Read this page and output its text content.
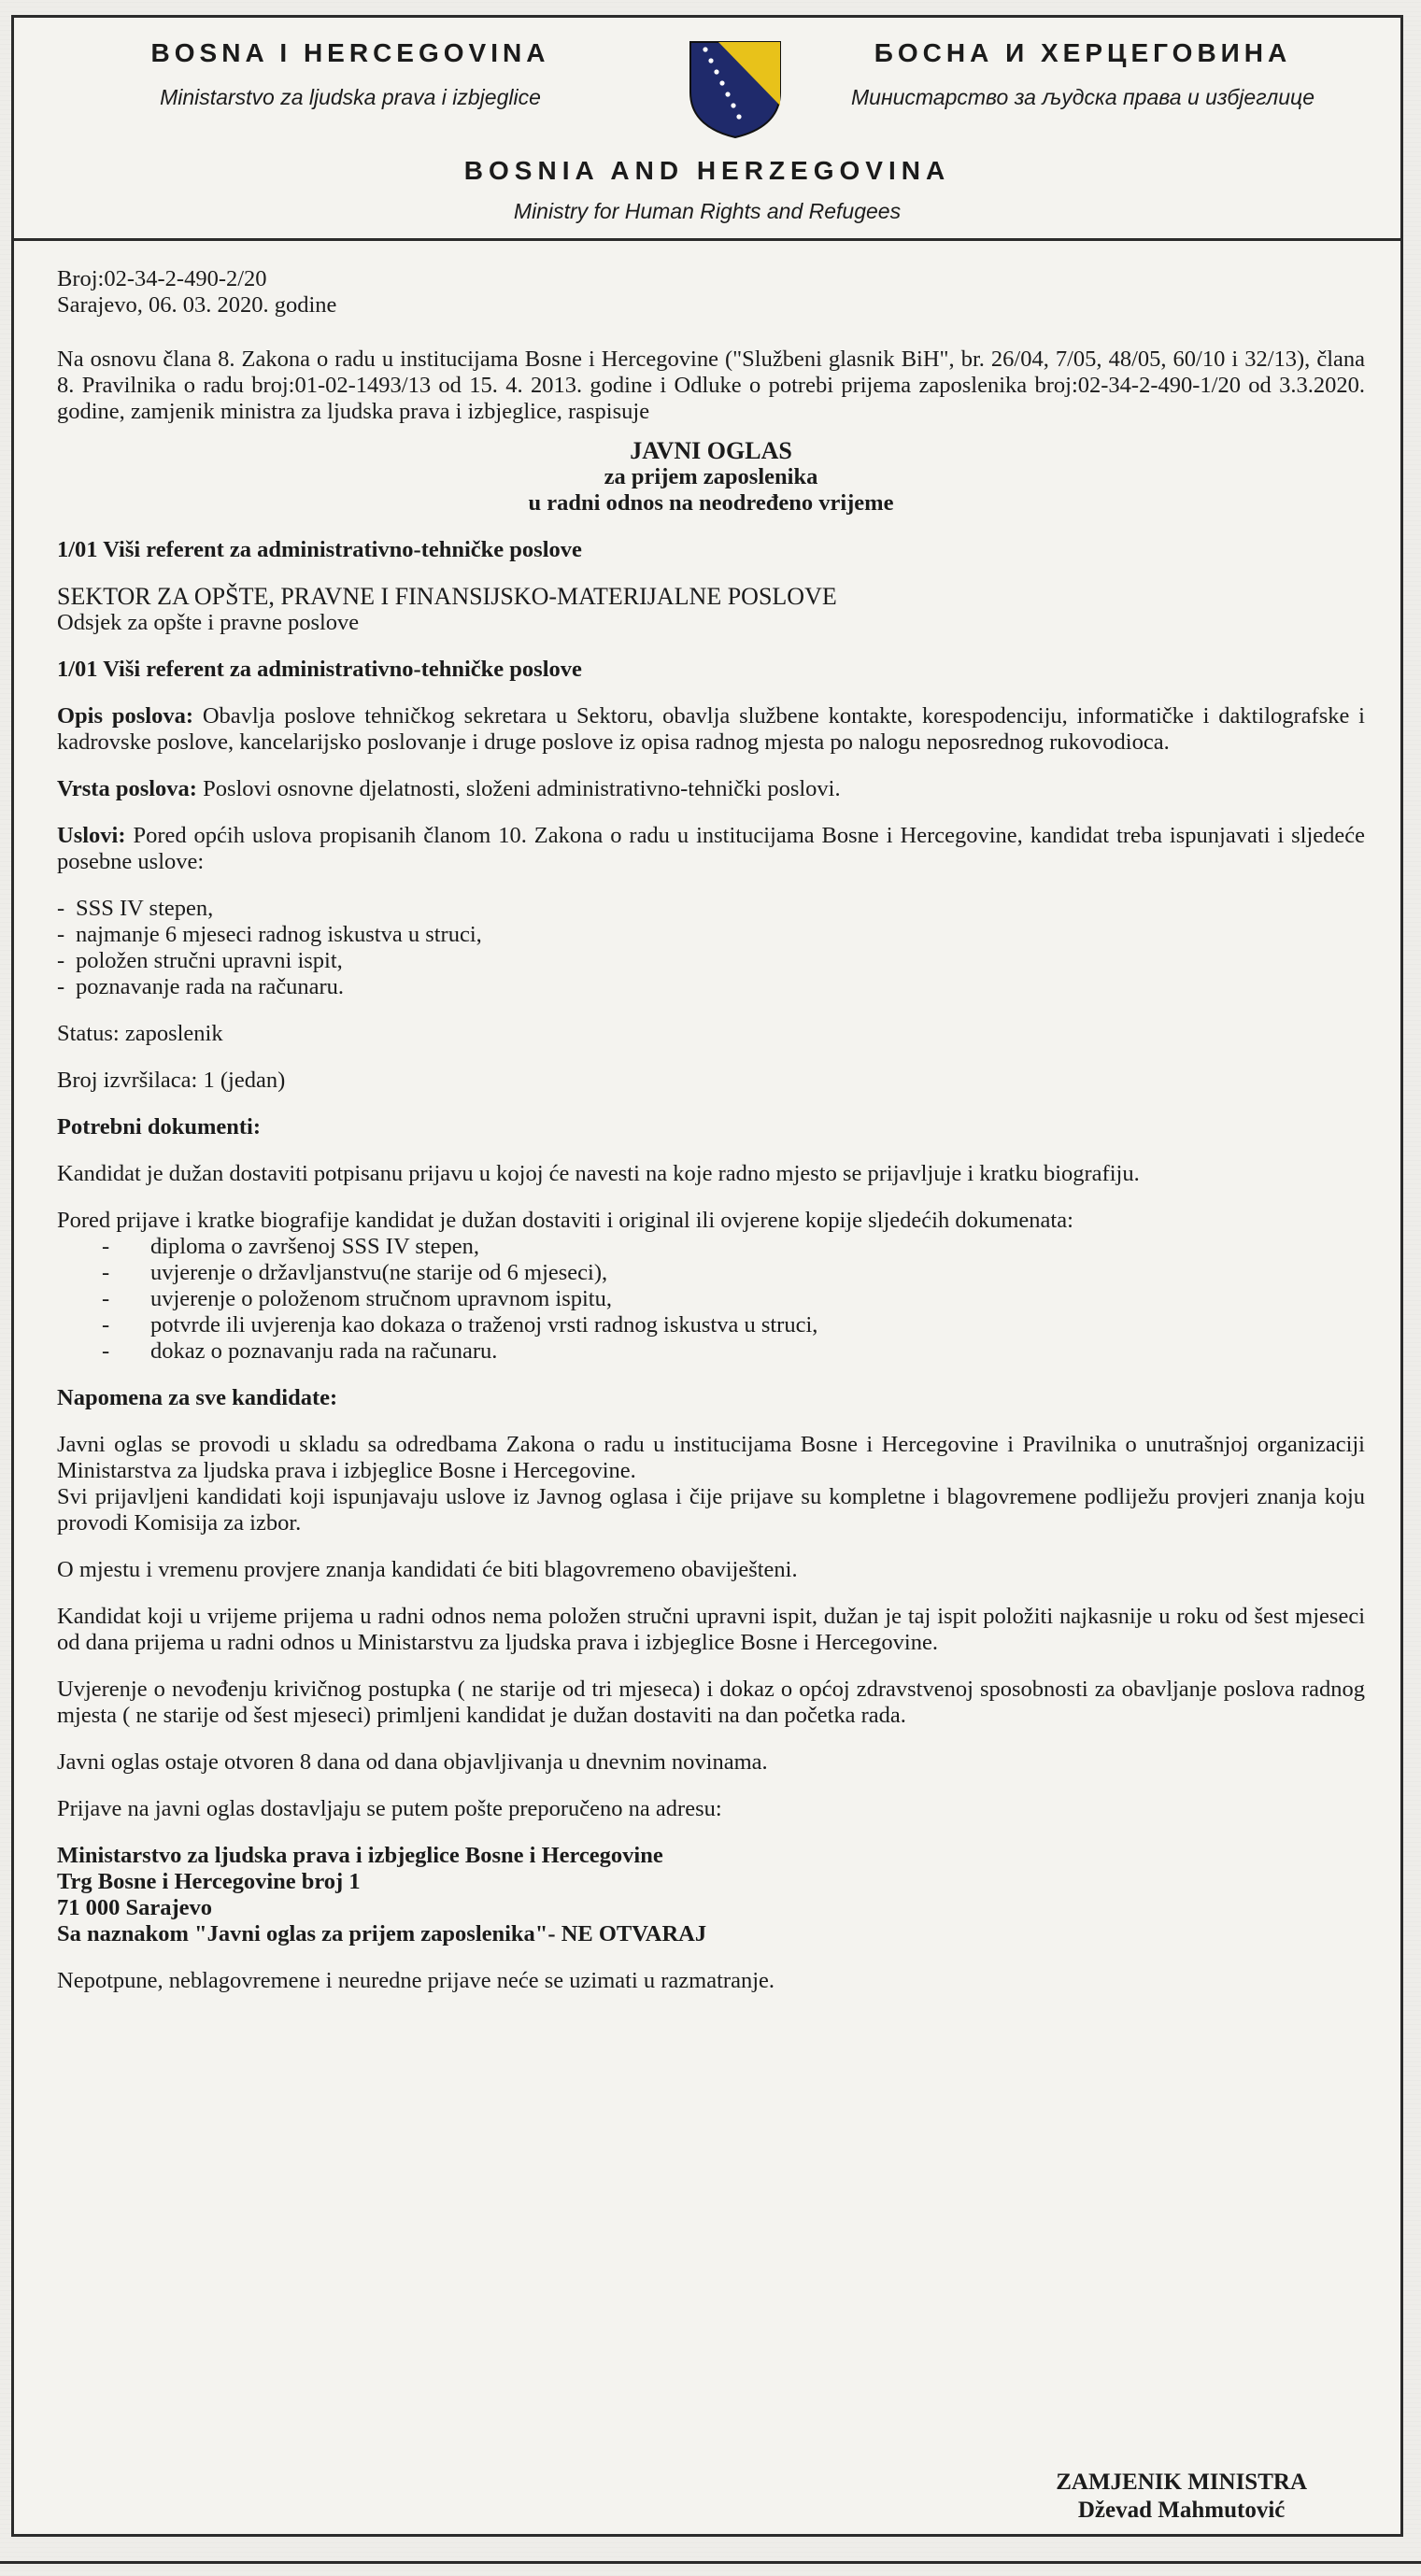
BOSNA I HERCEGOVINA
Ministarstvo za ljudska prava i izbjeglice
БОСНА И ХЕРЦЕГОВИНА
Министарство за људска права и избјеглице
BOSNIA AND HERZEGOVINA
Ministry for Human Rights and Refugees

Broj:02-34-2-490-2/20

Sarajevo, 06. 03. 2020. godine

Na osnovu člana 8. Zakona o radu u institucijama Bosne i Hercegovine ("Službeni glasnik BiH", br. 26/04, 7/05, 48/05, 60/10 i 32/13), člana 8. Pravilnika o radu broj:01-02-1493/13 od 15. 4. 2013. godine i Odluke o potrebi prijema zaposlenika broj:02-34-2-490-1/20 od 3.3.2020. godine, zamjenik ministra za ljudska prava i izbjeglice, raspisuje

JAVNI OGLAS

za prijem zaposlenika

u radni odnos na neodređeno vrijeme

1/01 Viši referent za administrativno-tehničke poslove

SEKTOR ZA OPŠTE, PRAVNE I FINANSIJSKO-MATERIJALNE POSLOVE

Odsjek za opšte i pravne poslove

1/01 Viši referent za administrativno-tehničke poslove

Opis poslova: Obavlja poslove tehničkog sekretara u Sektoru, obavlja službene kontakte, korespodenciju, informatičke i daktilografske i kadrovske poslove, kancelarijsko poslovanje i druge poslove iz opisa radnog mjesta po nalogu neposrednog rukovodioca.

Vrsta poslova: Poslovi osnovne djelatnosti, složeni administrativno-tehnički poslovi.

Uslovi: Pored općih uslova propisanih članom 10. Zakona o radu u institucijama Bosne i Hercegovine, kandidat treba ispunjavati i sljedeće posebne uslove:

- SSS IV stepen,
- najmanje 6 mjeseci radnog iskustva u struci,
- položen stručni upravni ispit,
- poznavanje rada na računaru.

Status: zaposlenik

Broj izvršilaca: 1 (jedan)

Potrebni dokumenti:

Kandidat je dužan dostaviti potpisanu prijavu u kojoj će navesti na koje radno mjesto se prijavljuje i kratku biografiju.

Pored prijave i kratke biografije kandidat je dužan dostaviti i original ili ovjerene kopije sljedećih dokumenata:

- diploma o završenoj SSS IV stepen,
- uvjerenje o državljanstvu(ne starije od 6 mjeseci),
- uvjerenje o položenom stručnom upravnom ispitu,
- potvrde ili uvjerenja kao dokaza o traženoj vrsti radnog iskustva u struci,
- dokaz o poznavanju rada na računaru.

Napomena za sve kandidate:

Javni oglas se provodi u skladu sa odredbama Zakona o radu u institucijama Bosne i Hercegovine i Pravilnika o unutrašnjoj organizaciji Ministarstva za ljudska prava i izbjeglice Bosne i Hercegovine.

Svi prijavljeni kandidati koji ispunjavaju uslove iz Javnog oglasa i čije prijave su kompletne i blagovremene podliježu provjeri znanja koju provodi Komisija za izbor.

O mjestu i vremenu provjere znanja kandidati će biti blagovremeno obaviješteni.

Kandidat koji u vrijeme prijema u radni odnos nema položen stručni upravni ispit, dužan je taj ispit položiti najkasnije u roku od šest mjeseci od dana prijema u radni odnos u Ministarstvu za ljudska prava i izbjeglice Bosne i Hercegovine.

Uvjerenje o nevođenju krivičnog postupka ( ne starije od tri mjeseca) i dokaz o općoj zdravstvenoj sposobnosti za obavljanje poslova radnog mjesta ( ne starije od šest mjeseci) primljeni kandidat je dužan dostaviti na dan početka rada.

Javni oglas ostaje otvoren 8 dana od dana objavljivanja u dnevnim novinama.

Prijave na javni oglas dostavljaju se putem pošte preporučeno na adresu:

Ministarstvo za ljudska prava i izbjeglice Bosne i Hercegovine

Trg Bosne i Hercegovine broj 1

71 000 Sarajevo

Sa naznakom "Javni oglas za prijem zaposlenika"- NE OTVARAJ

Nepotpune, neblagovremene i neuredne prijave neće se uzimati u razmatranje.

ZAMJENIK MINISTRA
Dževad Mahmutović
